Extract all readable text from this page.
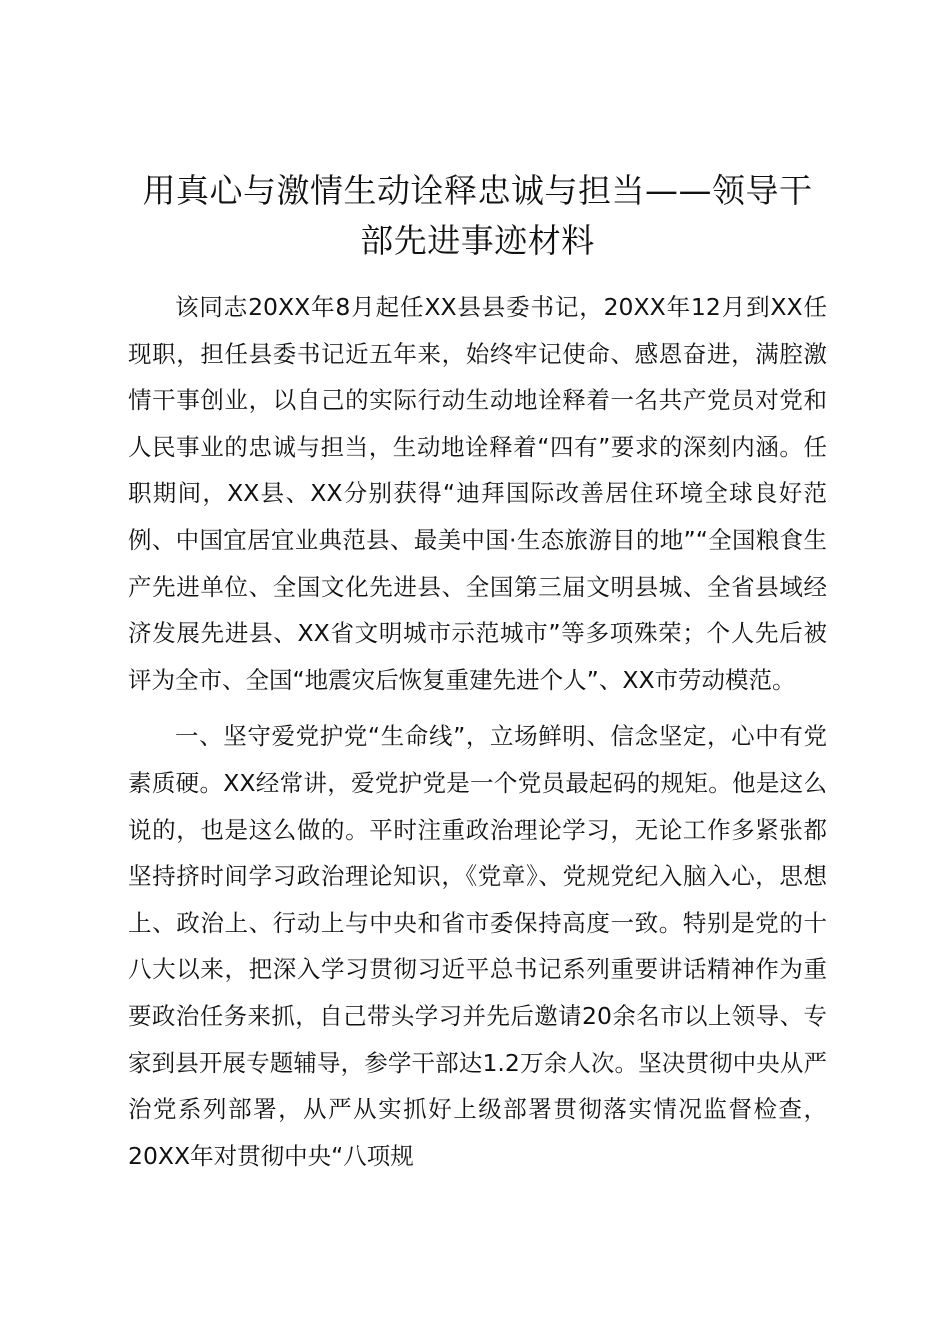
用真心与激情生动诠释忠诚与担当——领导干部先进事迹材料

该同志20XX年8月起任XX县县委书记，20XX年12月到XX任现职，担任县委书记近五年来，始终牢记使命、感恩奋进，满腔激情干事创业，以自己的实际行动生动地诠释着一名共产党员对党和人民事业的忠诚与担当，生动地诠释着“四有”要求的深刻内涵。任职期间，XX县、XX分别获得“迪拜国际改善居住环境全球良好范例、中国宜居宜业典范县、最美中国·生态旅游目的地”“全国粮食生产先进单位、全国文化先进县、全国第三届文明县城、全省县域经济发展先进县、XX省文明城市示范城市”等多项殊荣；个人先后被评为全市、全国“地震灾后恢复重建先进个人”、XX市劳动模范。

一、坚守爱党护党“生命线”，立场鲜明、信念坚定，心中有党素质硬。XX经常讲，爱党护党是一个党员最起码的规矩。他是这么说的，也是这么做的。平时注重政治理论学习，无论工作多紧张都坚持挤时间学习政治理论知识，《党章》、党规党纪入脑入心，思想上、政治上、行动上与中央和省市委保持高度一致。特别是党的十八大以来，把深入学习贯彻习近平总书记系列重要讲话精神作为重要政治任务来抓，自己带头学习并先后邀请20余名市以上领导、专家到县开展专题辅导，参学干部达1.2万余人次。坚决贯彻中央从严治党系列部署，从严从实抓好上级部署贯彻落实情况监督检查，20XX年对贯彻中央“八项规
